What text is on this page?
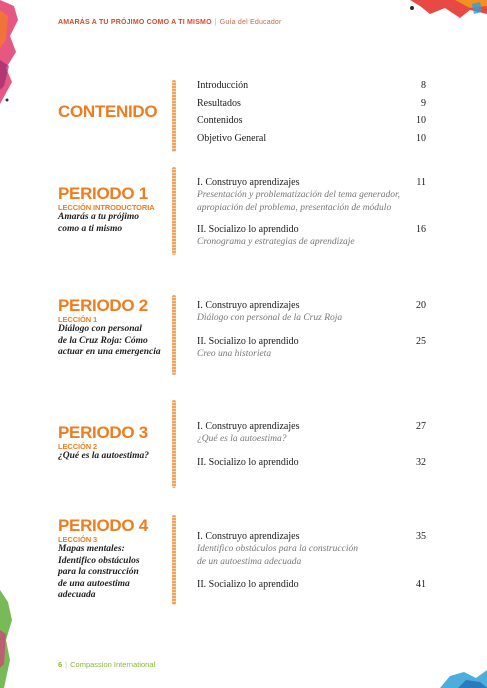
AMARÁS A TU PRÓJIMO COMO A TI MISMO | Guía del Educador
CONTENIDO
Introducción	8
Resultados	9
Contenidos	10
Objetivo General	10
PERIODO 1
LECCIÓN INTRODUCTORIA
Amarás a tu prójimo
como a ti mismo
I. Construyo aprendizajes	11
Presentación y problematización del tema generador,
apropiación del problema, presentación de módulo
II. Socializo lo aprendido	16
Cronograma y estrategias de aprendizaje
PERIODO 2
LECCIÓN 1
Diálogo con personal
de la Cruz Roja: Cómo
actuar en una emergencia
I. Construyo aprendizajes	20
Diálogo con personal de la Cruz Roja
II. Socializo lo aprendido	25
Creo una historieta
PERIODO 3
LECCIÓN 2
¿Qué es la autoestima?
I. Construyo aprendizajes	27
¿Qué es la autoestima?
II. Socializo lo aprendido	32
PERIODO 4
LECCIÓN 3
Mapas mentales:
Identifico obstáculos
para la construcción
de una autoestima
adecuada
I. Construyo aprendizajes	35
Identifico obstáculos para la construcción
de un autoestima adecuada
II. Socializo lo aprendido	41
6 | Compassion International
